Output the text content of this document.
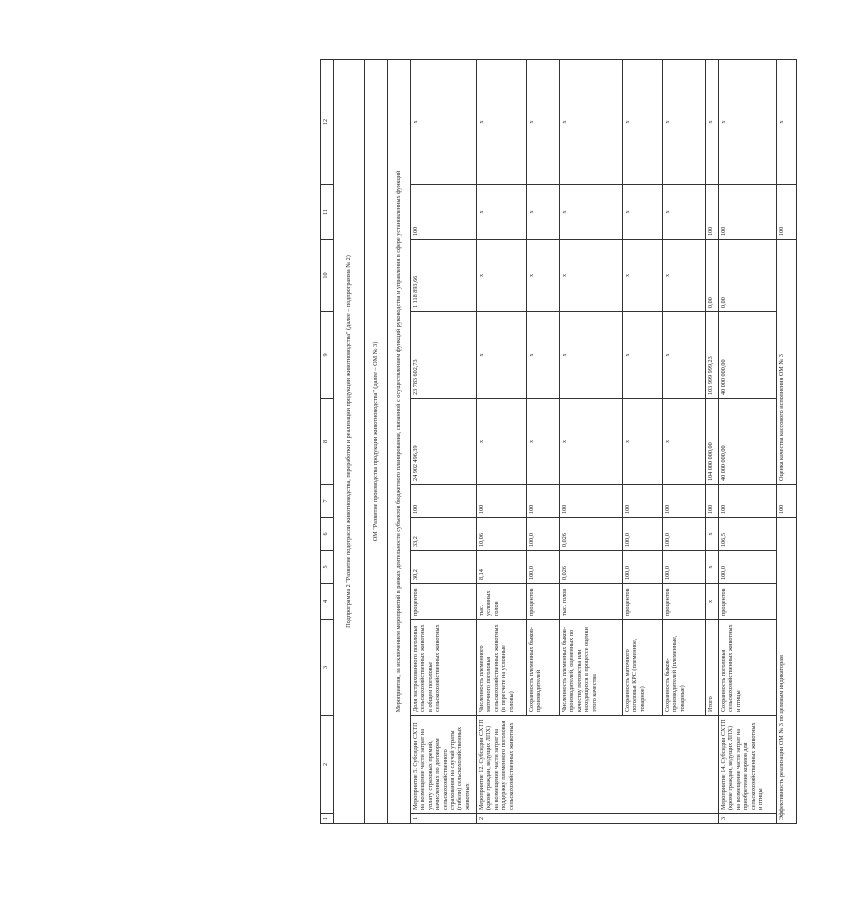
1	2	3	4	5	6	7	8	9	10	11	12
Подпрограмма 2 "Развитие подотрасли животноводства, переработки и реализации продукции животноводства" (далее – подпрограмма № 2)											
ОМ "Развитие производства продукции животноводства" (далее – ОМ № 3)											
Мероприятия, за исключением мероприятий в рамках деятельности субъектов бюджетного планирования, связанной с осуществлением функций руководства и управления в сфере установленных функций											
1	Мероприятие 5. Субсидии СХТП на возмещение части затрат на уплату страховых премий, начисленных по договорам сельскохозяйственного страхования на случай утраты (гибели) сельскохозяйственных животных	Доля застрахованного поголовья сельскохозяйственных животных в общем поголовье сельскохозяйственных животных	процентов	30,2	33,2	100	24 902 496,39	23 783 602,73	1 118 893,66	100	х
2	Мероприятие 12. Субсидии СХТП (кроме граждан, ведущих ЛПХ) на возмещение части затрат на поддержку племенного поголовья сельскохозяйственных животных	Численность племенного маточного поголовья сельскохозяйственных животных (в пересчете на условные головы)	тыс. условных голов	8,14	10,06	100	х	х	х	х	х
		Сохранность племенных быков-производителей	процентов	100,0	100,0	100	х	х	х	х	х
		Численность племенных быков-производителей, оцененных по качеству потомства или находящихся в процессе оценки этого качества	тыс. голов	0,026	0,026	100	х	х	х	х	х
		Сохранность маточного поголовья КРС (племенное, товарное)	процентов	100,0	100,0	100	х	х	х	х	х
		Сохранность быков-производителей (племенные, товарные)	процентов	100,0	100,0	100	х	х	х	х	х
		Итого	х	х	х	100	104 000 000,00	103 999 999,23	0,00	100	х
3	Мероприятие 14. Субсидии СХТП (кроме граждан, ведущих ЛПХ) на возмещение части затрат на приобретение кормов для сельскохозяйственных животных и птицы	Сохранность поголовья сельскохозяйственных животных и птицы	процентов	100,0	106,5	100	40 000 000,00	40 000 000,00	0,00	100	х
Эффективность реализации ОМ № 3 по целевым индикаторам						100	Оценка качества кассового исполнения ОМ № 3			100	х
